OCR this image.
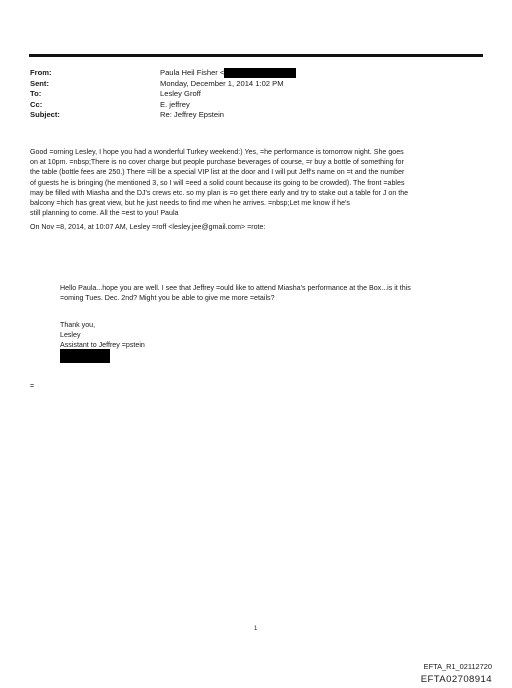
From:	Paula Heil Fisher <
Sent:	Monday, December 1, 2014 1:02 PM
To:	Lesley Groff
Cc:	E. jeffrey
Subject:	Re: Jeffrey Epstein

Good =orning Lesley, I hope you had a wonderful Turkey weekend:) Yes, =he performance is tomorrow night. She goes
on at 10pm. =nbsp;There is no cover charge but people purchase beverages of course, =r buy a bottle of something for
the table (bottle fees are 250.) There =ill be a special VIP list at the door and I will put Jeff's name on =t and the number
of guests he is bringing (he mentioned 3, so I will =eed a solid count because its going to be crowded). The front =ables
may be filled with Miasha and the DJ's crews etc. so my plan is =o get there early and try to stake out a table for J on the
balcony =hich has great view, but he just needs to find me when he arrives. =nbsp;Let me know if he's
still planning to come. All the =est to you! Paula

On Nov =8, 2014, at 10:07 AM, Lesley =roff <lesley.jee@gmail.com> =rote:

Hello Paula...hope you are well. I see that Jeffrey =ould like to attend Miasha's performance at the Box...is it this
=oming Tues. Dec. 2nd? Might you be able to give me more =etails?

Thank you,
Lesley
Assistant to Jeffrey =pstein

=

1

EFTA_R1_02112720

EFTA02708914
